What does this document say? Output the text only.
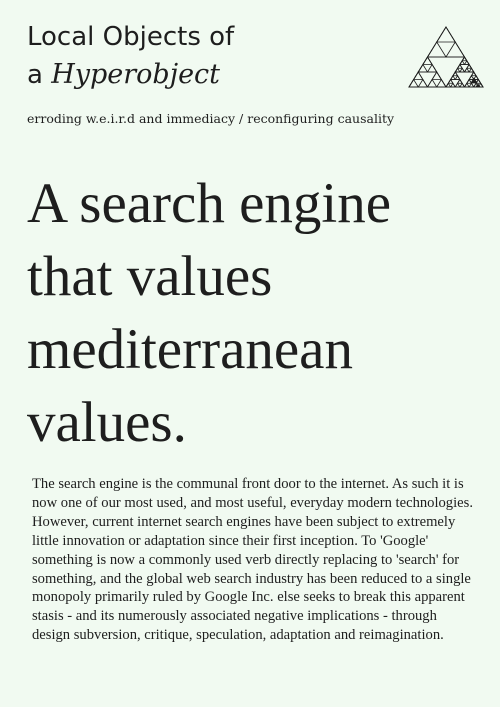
Local Objects of
a Hyperobject
erroding w.e.i.r.d and immediacy / reconfiguring causality
A search engine
that values
mediterranean
values.
The search engine is the communal front door to the internet. As such it is now one of our most used, and most useful, everyday modern technologies. However, current internet search engines have been subject to extremely little innovation or adaptation since their first inception. To 'Google' something is now a commonly used verb directly replacing to 'search' for something, and the global web search industry has been reduced to a single monopoly primarily ruled by Google Inc. else seeks to break this apparent stasis - and its numerously associated negative implications - through design subversion, critique, speculation, adaptation and reimagination.
